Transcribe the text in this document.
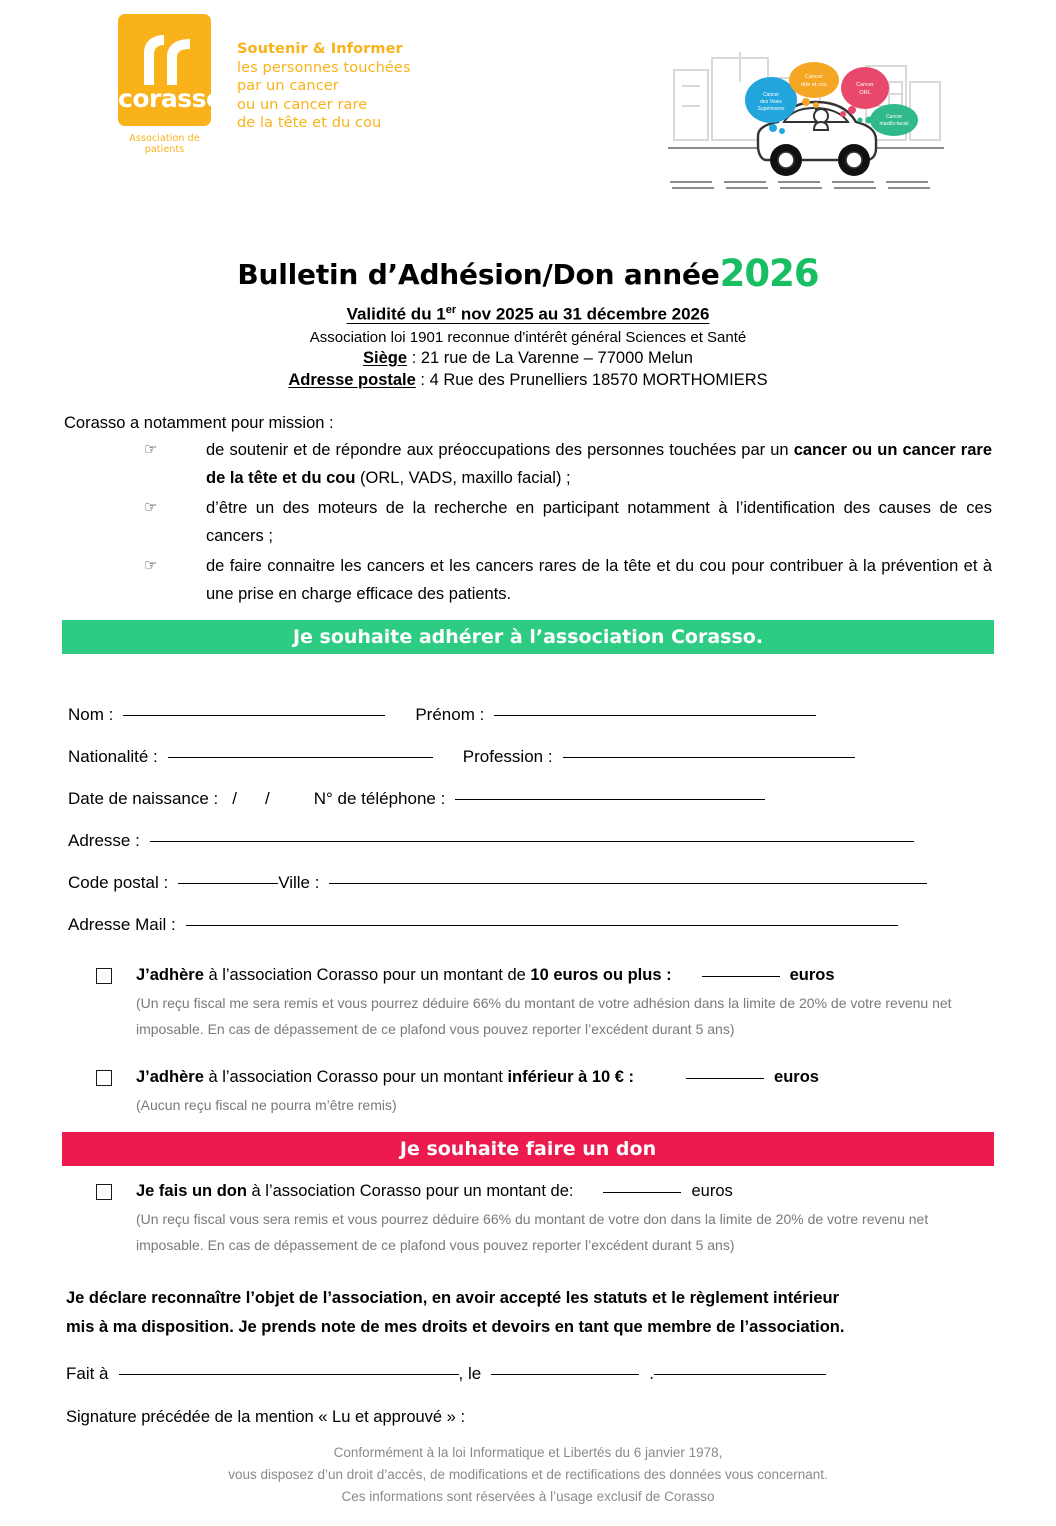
corasso
Association de patients
Soutenir & Informer
les personnes touchées
par un cancer
ou un cancer rare
de la tête et du cou
Cancer
des Voies
Supérieures
Cancer
tête et cou	Cancer
ORL
Cancer
maxillo-facial
Bulletin d’Adhésion/Don année2026
Validité du 1er nov 2025 au 31 décembre 2026
Association loi 1901 reconnue d'intérêt général Sciences et Santé
Siège : 21 rue de La Varenne – 77000 Melun
Adresse postale : 4 Rue des Prunelliers 18570 MORTHOMIERS
Corasso a notamment pour mission :
☞	de soutenir et de répondre aux préoccupations des personnes touchées par un cancer ou un cancer rare de la tête et du cou (ORL, VADS, maxillo facial) ;
☞	d’être un des moteurs de la recherche en participant notamment à l’identification des causes de ces cancers ;
☞	de faire connaitre les cancers et les cancers rares de la tête et du cou pour contribuer à la prévention et à une prise en charge efficace des patients.
Je souhaite adhérer à l’association Corasso.
Nom :	Prénom :
Nationalité :	Profession :
Date de naissance : / /	N° de téléphone :
Adresse :
Code postal :	Ville :
Adresse Mail :
J’adhère à l’association Corasso pour un montant de 10 euros ou plus :	euros
(Un reçu fiscal me sera remis et vous pourrez déduire 66% du montant de votre adhésion dans la limite de 20% de votre revenu net imposable. En cas de dépassement de ce plafond vous pouvez reporter l’excédent durant 5 ans)
J’adhère à l’association Corasso pour un montant inférieur à 10 € :	euros
(Aucun reçu fiscal ne pourra m’être remis)
Je souhaite faire un don
Je fais un don à l’association Corasso pour un montant de:	euros
(Un reçu fiscal vous sera remis et vous pourrez déduire 66% du montant de votre don dans la limite de 20% de votre revenu net imposable. En cas de dépassement de ce plafond vous pouvez reporter l’excédent durant 5 ans)
Je déclare reconnaître l’objet de l’association, en avoir accepté les statuts et le règlement intérieur
mis à ma disposition. Je prends note de mes droits et devoirs en tant que membre de l’association.
Fait à	, le	.
Signature précédée de la mention « Lu et approuvé » :
Conformément à la loi Informatique et Libertés du 6 janvier 1978,
vous disposez d’un droit d’accès, de modifications et de rectifications des données vous concernant.
Ces informations sont réservées à l’usage exclusif de Corasso
